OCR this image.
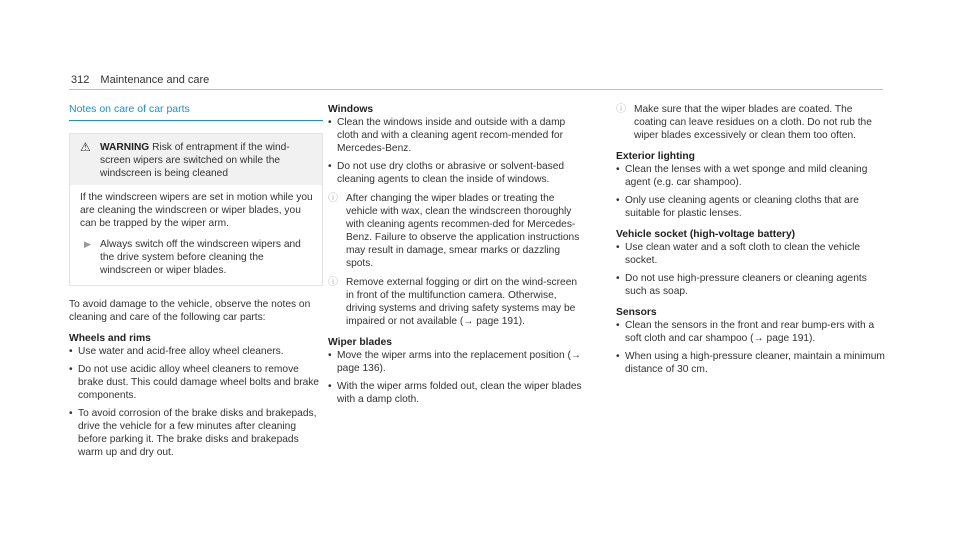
312 Maintenance and care
Notes on care of car parts
⚠ WARNING Risk of entrapment if the wind-screen wipers are switched on while the windscreen is being cleaned

If the windscreen wipers are set in motion while you are cleaning the windscreen or wiper blades, you can be trapped by the wiper arm.

▶ Always switch off the windscreen wipers and the drive system before cleaning the windscreen or wiper blades.

To avoid damage to the vehicle, observe the notes on cleaning and care of the following car parts:

Wheels and rims
• Use water and acid-free alloy wheel cleaners.
• Do not use acidic alloy wheel cleaners to remove brake dust. This could damage wheel bolts and brake components.
• To avoid corrosion of the brake disks and brakepads, drive the vehicle for a few minutes after cleaning before parking it. The brake disks and brakepads warm up and dry out.
Windows
• Clean the windows inside and outside with a damp cloth and with a cleaning agent recom-mended for Mercedes-Benz.
• Do not use dry cloths or abrasive or solvent-based cleaning agents to clean the inside of windows.
ⓘ After changing the wiper blades or treating the vehicle with wax, clean the windscreen thoroughly with cleaning agents recommen-ded for Mercedes-Benz. Failure to observe the application instructions may result in damage, smear marks or dazzling spots.
ⓘ Remove external fogging or dirt on the wind-screen in front of the multifunction camera. Otherwise, driving systems and driving safety systems may be impaired or not available (→ page 191).
Wiper blades
• Move the wiper arms into the replacement position (→ page 136).
• With the wiper arms folded out, clean the wiper blades with a damp cloth.
ⓘ Make sure that the wiper blades are coated. The coating can leave residues on a cloth. Do not rub the wiper blades excessively or clean them too often.
Exterior lighting
• Clean the lenses with a wet sponge and mild cleaning agent (e.g. car shampoo).
• Only use cleaning agents or cleaning cloths that are suitable for plastic lenses.
Vehicle socket (high-voltage battery)
• Use clean water and a soft cloth to clean the vehicle socket.
• Do not use high-pressure cleaners or cleaning agents such as soap.
Sensors
• Clean the sensors in the front and rear bump-ers with a soft cloth and car shampoo (→ page 191).
• When using a high-pressure cleaner, maintain a minimum distance of 30 cm.
